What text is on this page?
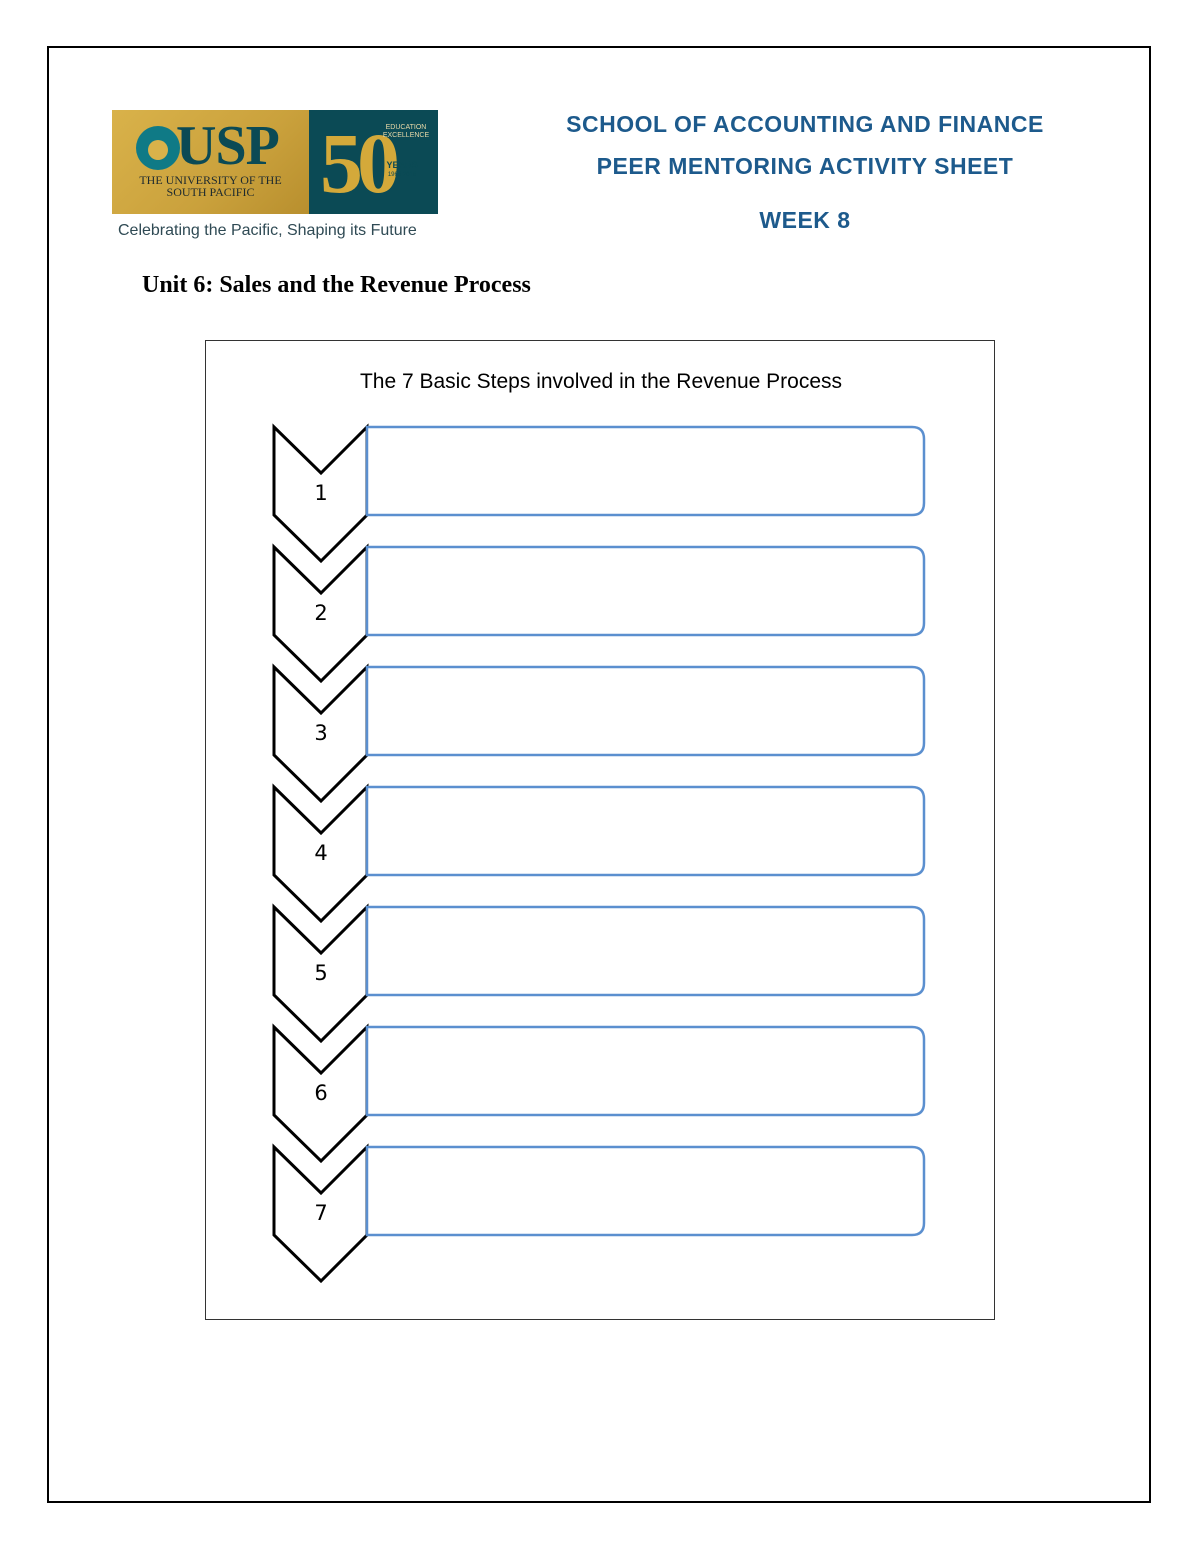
USP
THE UNIVERSITY OF THE
SOUTH PACIFIC 50
EDUCATION EXCELLENCE
YEARS
1968 2018
Celebrating the Pacific, Shaping its Future
SCHOOL OF ACCOUNTING AND FINANCE
PEER MENTORING ACTIVITY SHEET
WEEK 8
Unit 6: Sales and the Revenue Process
The 7 Basic Steps involved in the Revenue Process
1
2
3
4
5
6
7
